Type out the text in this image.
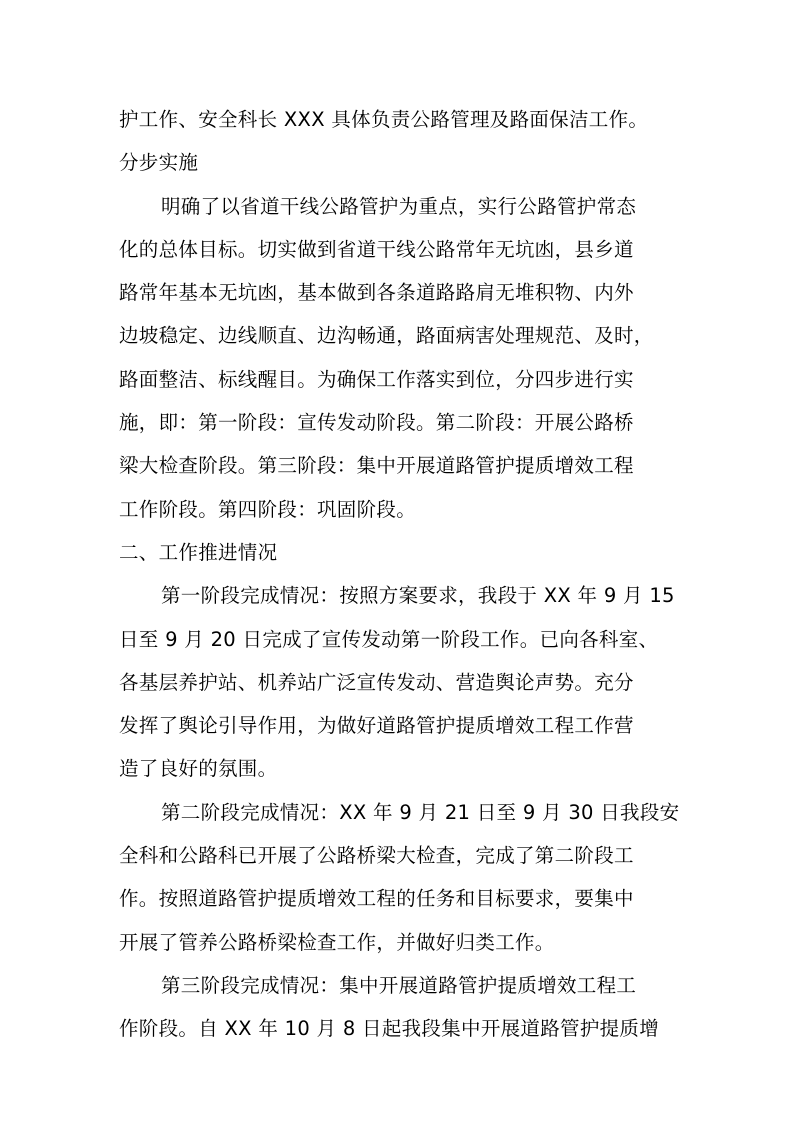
护工作、安全科长 XXX 具体负责公路管理及路面保洁工作。
分步实施
明确了以省道干线公路管护为重点，实行公路管护常态
化的总体目标。切实做到省道干线公路常年无坑凼，县乡道
路常年基本无坑凼，基本做到各条道路路肩无堆积物、内外
边坡稳定、边线顺直、边沟畅通，路面病害处理规范、及时，
路面整洁、标线醒目。为确保工作落实到位，分四步进行实
施，即：第一阶段：宣传发动阶段。第二阶段：开展公路桥
梁大检查阶段。第三阶段：集中开展道路管护提质增效工程
工作阶段。第四阶段：巩固阶段。
二、工作推进情况
第一阶段完成情况：按照方案要求，我段于 XX 年 9 月 15
日至 9 月 20 日完成了宣传发动第一阶段工作。已向各科室、
各基层养护站、机养站广泛宣传发动、营造舆论声势。充分
发挥了舆论引导作用，为做好道路管护提质增效工程工作营
造了良好的氛围。
第二阶段完成情况：XX 年 9 月 21 日至 9 月 30 日我段安
全科和公路科已开展了公路桥梁大检查，完成了第二阶段工
作。按照道路管护提质增效工程的任务和目标要求，要集中
开展了管养公路桥梁检查工作，并做好归类工作。
第三阶段完成情况：集中开展道路管护提质增效工程工
作阶段。自 XX 年 10 月 8 日起我段集中开展道路管护提质增
